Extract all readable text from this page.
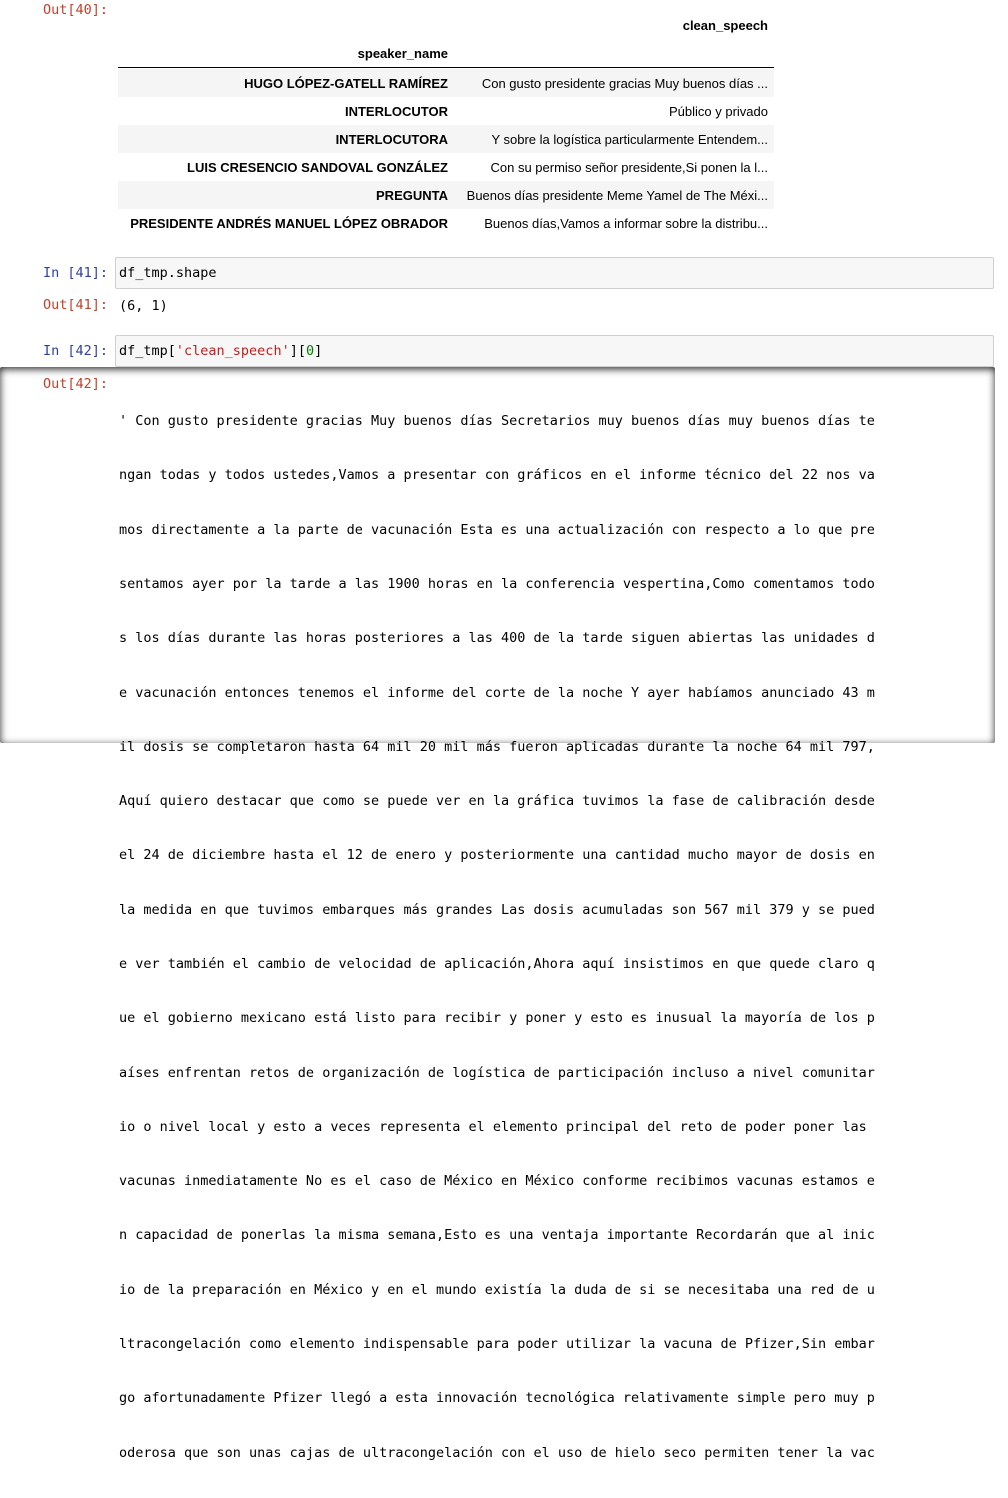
Out[40]:
clean_speech
speaker_name
HUGO LÓPEZ-GATELL RAMÍREZ	Con gusto presidente gracias Muy buenos días ...
INTERLOCUTOR	Público y privado
INTERLOCUTORA	Y sobre la logística particularmente Entendem...
LUIS CRESENCIO SANDOVAL GONZÁLEZ	Con su permiso señor presidente,Si ponen la l...
PREGUNTA	Buenos días presidente Meme Yamel de The Méxi...
PRESIDENTE ANDRÉS MANUEL LÓPEZ OBRADOR	Buenos días,Vamos a informar sobre la distribu...
In [41]: df_tmp.shape
Out[41]: (6, 1)
In [42]: df_tmp['clean_speech'][0]
Out[42]:

' Con gusto presidente gracias Muy buenos días Secretarios muy buenos días muy buenos días te

ngan todas y todos ustedes,Vamos a presentar con gráficos en el informe técnico del 22 nos va

mos directamente a la parte de vacunación Esta es una actualización con respecto a lo que pre

sentamos ayer por la tarde a las 1900 horas en la conferencia vespertina,Como comentamos todo

s los días durante las horas posteriores a las 400 de la tarde siguen abiertas las unidades d

e vacunación entonces tenemos el informe del corte de la noche Y ayer habíamos anunciado 43 m

il dosis se completaron hasta 64 mil 20 mil más fueron aplicadas durante la noche 64 mil 797,

Aquí quiero destacar que como se puede ver en la gráfica tuvimos la fase de calibración desde

el 24 de diciembre hasta el 12 de enero y posteriormente una cantidad mucho mayor de dosis en

la medida en que tuvimos embarques más grandes Las dosis acumuladas son 567 mil 379 y se pued

e ver también el cambio de velocidad de aplicación,Ahora aquí insistimos en que quede claro q

ue el gobierno mexicano está listo para recibir y poner y esto es inusual la mayoría de los p

aíses enfrentan retos de organización de logística de participación incluso a nivel comunitar

io o nivel local y esto a veces representa el elemento principal del reto de poder poner las

vacunas inmediatamente No es el caso de México en México conforme recibimos vacunas estamos e

n capacidad de ponerlas la misma semana,Esto es una ventaja importante Recordarán que al inic

io de la preparación en México y en el mundo existía la duda de si se necesitaba una red de u

ltracongelación como elemento indispensable para poder utilizar la vacuna de Pfizer,Sin embar

go afortunadamente Pfizer llegó a esta innovación tecnológica relativamente simple pero muy p

oderosa que son unas cajas de ultracongelación con el uso de hielo seco permiten tener la vac
